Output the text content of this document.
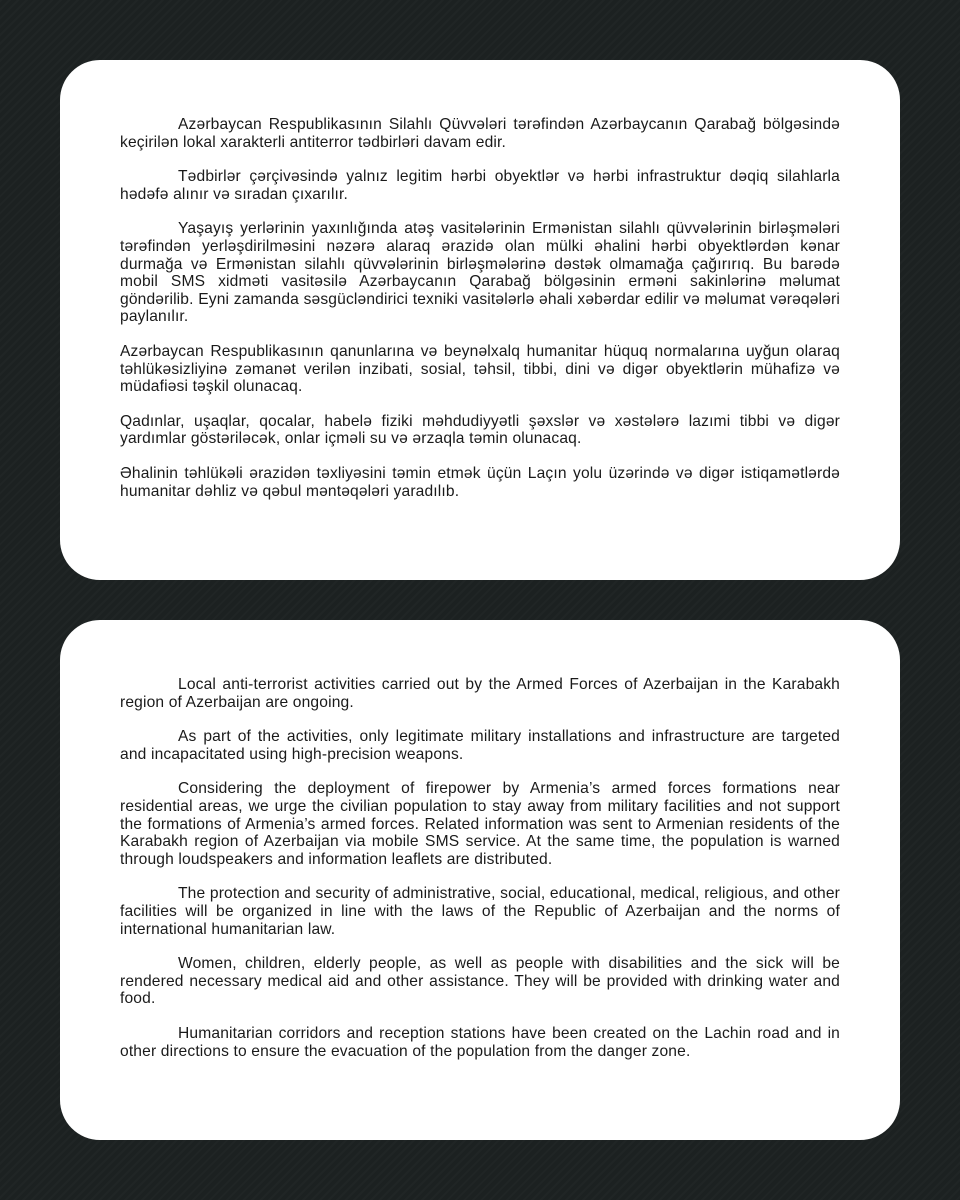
Azərbaycan Respublikasının Silahlı Qüvvələri tərəfindən Azərbaycanın Qarabağ bölgəsində keçirilən lokal xarakterli antiterror tədbirləri davam edir.

Tədbirlər çərçivəsində yalnız legitim hərbi obyektlər və hərbi infrastruktur dəqiq silahlarla hədəfə alınır və sıradan çıxarılır.

Yaşayış yerlərinin yaxınlığında atəş vasitələrinin Ermənistan silahlı qüvvələrinin birləşmələri tərəfindən yerləşdirilməsini nəzərə alaraq ərazidə olan mülki əhalini hərbi obyektlərdən kənar durmağa və Ermənistan silahlı qüvvələrinin birləşmələrinə dəstək olmamağa çağırırıq. Bu barədə mobil SMS xidməti vasitəsilə Azərbaycanın Qarabağ bölgəsinin erməni sakinlərinə məlumat göndərilib. Eyni zamanda səsgücləndirici texniki vasitələrlə əhali xəbərdar edilir və məlumat vərəqələri paylanılır.

Azərbaycan Respublikasının qanunlarına və beynəlxalq humanitar hüquq normalarına uyğun olaraq təhlükəsizliyinə zəmanət verilən inzibati, sosial, təhsil, tibbi, dini və digər obyektlərin mühafizə və müdafiəsi təşkil olunacaq.

Qadınlar, uşaqlar, qocalar, habelə fiziki məhdudiyyətli şəxslər və xəstələrə lazımi tibbi və digər yardımlar göstəriləcək, onlar içməli su və ərzaqla təmin olunacaq.

Əhalinin təhlükəli ərazidən təxliyəsini təmin etmək üçün Laçın yolu üzərində və digər istiqamətlərdə humanitar dəhliz və qəbul məntəqələri yaradılıb.

Local anti-terrorist activities carried out by the Armed Forces of Azerbaijan in the Karabakh region of Azerbaijan are ongoing.

As part of the activities, only legitimate military installations and infrastructure are targeted and incapacitated using high-precision weapons.

Considering the deployment of firepower by Armenia’s armed forces formations near residential areas, we urge the civilian population to stay away from military facilities and not support the formations of Armenia’s armed forces. Related information was sent to Armenian residents of the Karabakh region of Azerbaijan via mobile SMS service. At the same time, the population is warned through loudspeakers and information leaflets are distributed.

The protection and security of administrative, social, educational, medical, religious, and other facilities will be organized in line with the laws of the Republic of Azerbaijan and the norms of international humanitarian law.

Women, children, elderly people, as well as people with disabilities and the sick will be rendered necessary medical aid and other assistance. They will be provided with drinking water and food.

Humanitarian corridors and reception stations have been created on the Lachin road and in other directions to ensure the evacuation of the population from the danger zone.
